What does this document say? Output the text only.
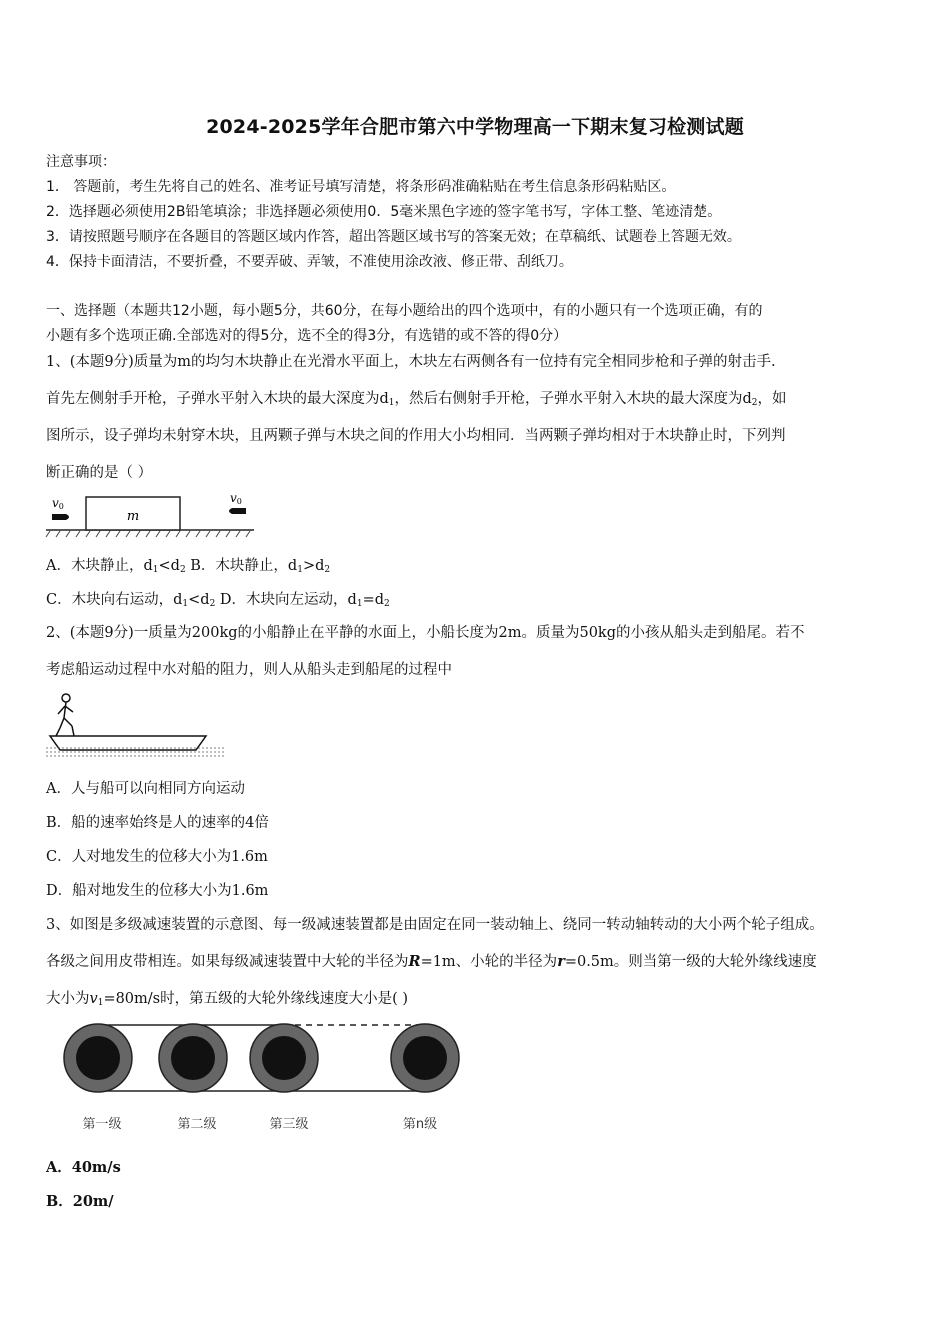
2024-2025学年合肥市第六中学物理高一下期末复习检测试题
注意事项：
1． 答题前，考生先将自己的姓名、准考证号填写清楚，将条形码准确粘贴在考生信息条形码粘贴区。
2．选择题必须使用2B铅笔填涂；非选择题必须使用0．5毫米黑色字迹的签字笔书写，字体工整、笔迹清楚。
3．请按照题号顺序在各题目的答题区域内作答，超出答题区域书写的答案无效；在草稿纸、试题卷上答题无效。
4．保持卡面清洁，不要折叠，不要弄破、弄皱，不准使用涂改液、修正带、刮纸刀。
一、选择题（本题共12小题，每小题5分，共60分，在每小题给出的四个选项中，有的小题只有一个选项正确，有的
小题有多个选项正确.全部选对的得5分，选不全的得3分，有选错的或不答的得0分）
1、(本题9分)质量为m的均匀木块静止在光滑水平面上，木块左右两侧各有一位持有完全相同步枪和子弹的射击手.
首先左侧射手开枪，子弹水平射入木块的最大深度为$d_1$，然后右侧射手开枪，子弹水平射入木块的最大深度为$d_2$，如
图所示，设子弹均未射穿木块，且两颗子弹与木块之间的作用大小均相同．当两颗子弹均相对于木块静止时，下列判
断正确的是（ ）
m
v0
v0
A．木块静止，$d_1<d_2$ B．木块静止，$d_1>d_2$
C．木块向右运动，$d_1<d_2$ D．木块向左运动，$d_1=d_2$
2、(本题9分)一质量为200kg的小船静止在平静的水面上，小船长度为2m。质量为50kg的小孩从船头走到船尾。若不
考虑船运动过程中水对船的阻力，则人从船头走到船尾的过程中
A．人与船可以向相同方向运动
B．船的速率始终是人的速率的4倍
C．人对地发生的位移大小为1.6m
D．船对地发生的位移大小为1.6m
3、如图是多级减速装置的示意图、每一级减速装置都是由固定在同一装动轴上、绕同一转动轴转动的大小两个轮子组成。
各级之间用皮带相连。如果每级减速装置中大轮的半径为R=1m、小轮的半径为r=0.5m。则当第一级的大轮外缘线速度
大小为$v_1=80m/s$时，第五级的大轮外缘线速度大小是( )
第一级	第二级	第三级	第n级
A．40m/s
B．20m/
